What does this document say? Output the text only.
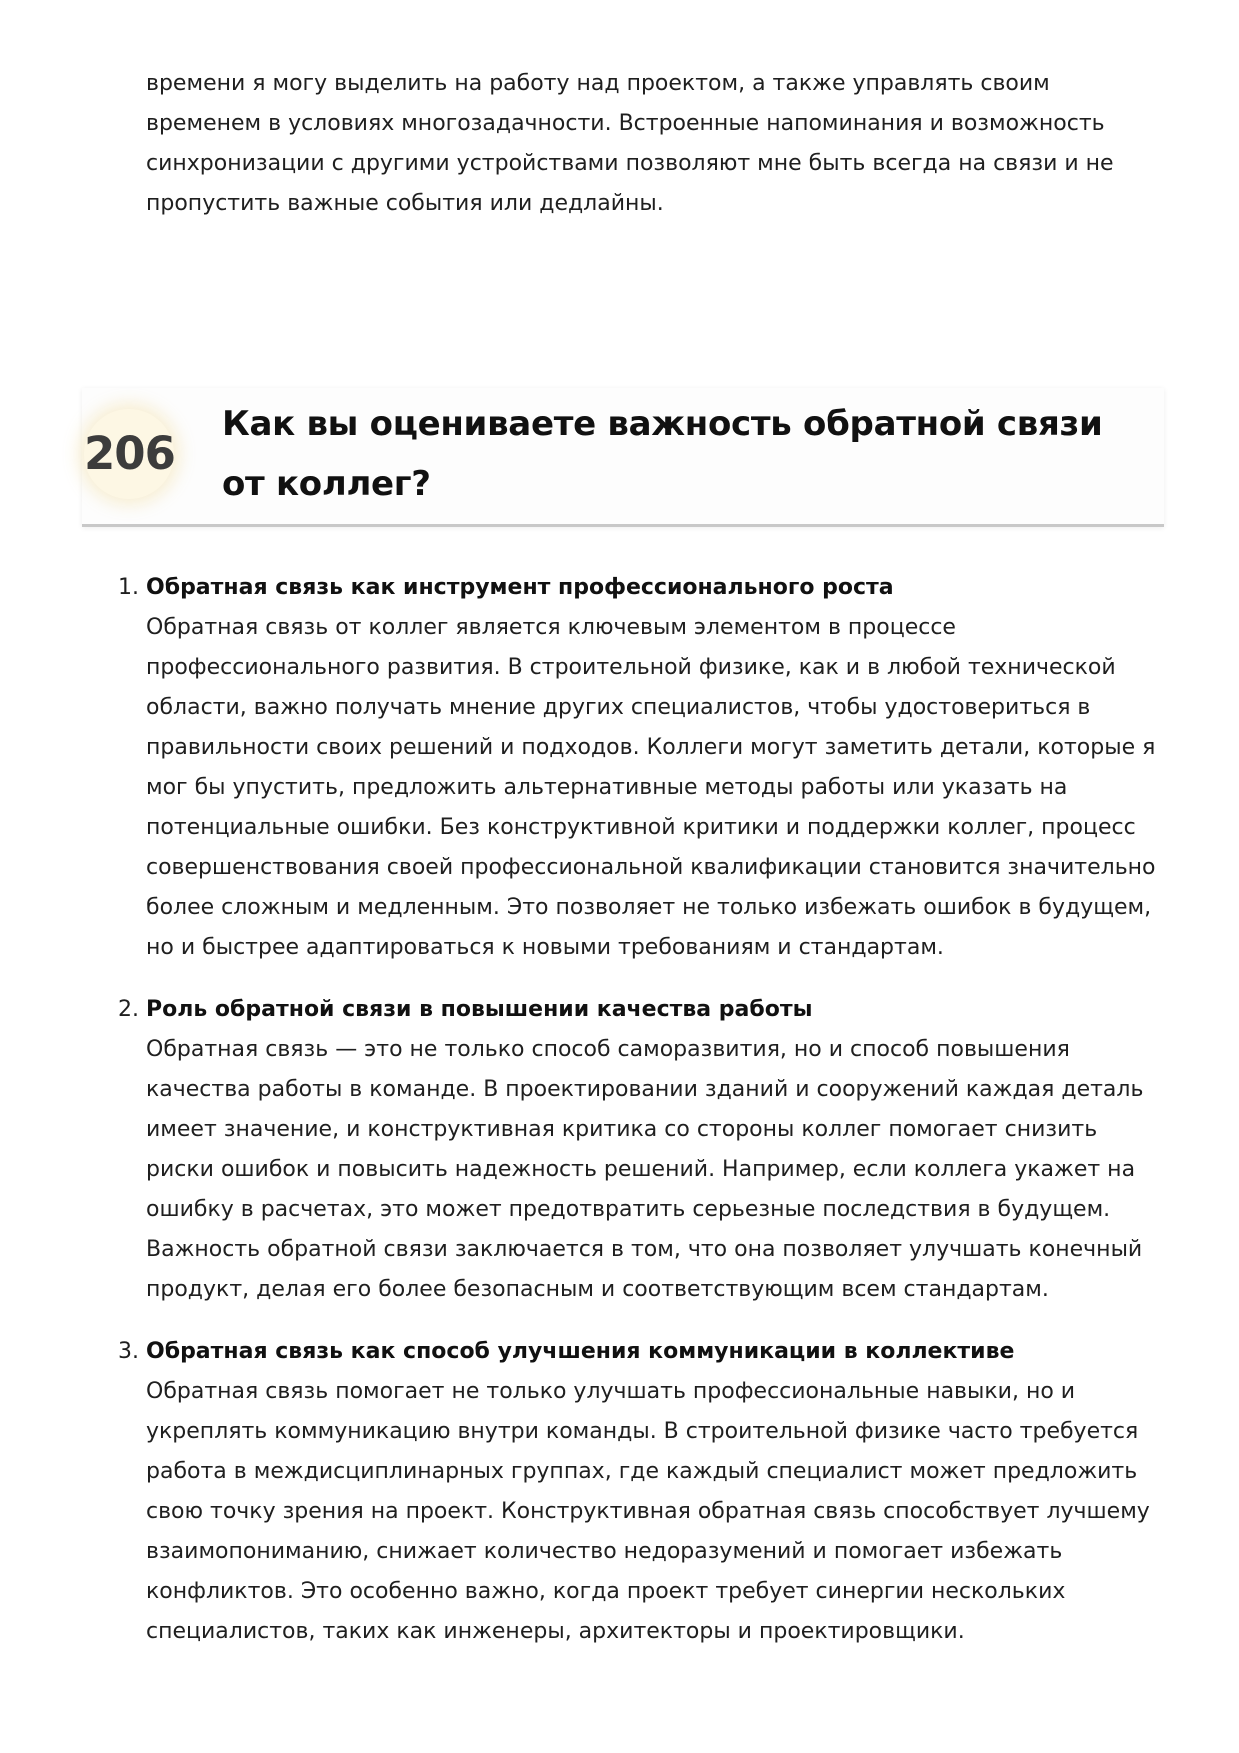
времени я могу выделить на работу над проектом, а также управлять своим временем в условиях многозадачности. Встроенные напоминания и возможность синхронизации с другими устройствами позволяют мне быть всегда на связи и не пропустить важные события или дедлайны.

206
Как вы оцениваете важность обратной связи от коллег?
1. Обратная связь как инструмент профессионального роста
Обратная связь от коллег является ключевым элементом в процессе профессионального развития. В строительной физике, как и в любой технической области, важно получать мнение других специалистов, чтобы удостовериться в правильности своих решений и подходов. Коллеги могут заметить детали, которые я мог бы упустить, предложить альтернативные методы работы или указать на потенциальные ошибки. Без конструктивной критики и поддержки коллег, процесс совершенствования своей профессиональной квалификации становится значительно более сложным и медленным. Это позволяет не только избежать ошибок в будущем, но и быстрее адаптироваться к новыми требованиям и стандартам.
2. Роль обратной связи в повышении качества работы
Обратная связь — это не только способ саморазвития, но и способ повышения качества работы в команде. В проектировании зданий и сооружений каждая деталь имеет значение, и конструктивная критика со стороны коллег помогает снизить риски ошибок и повысить надежность решений. Например, если коллега укажет на ошибку в расчетах, это может предотвратить серьезные последствия в будущем. Важность обратной связи заключается в том, что она позволяет улучшать конечный продукт, делая его более безопасным и соответствующим всем стандартам.
3. Обратная связь как способ улучшения коммуникации в коллективе
Обратная связь помогает не только улучшать профессиональные навыки, но и укреплять коммуникацию внутри команды. В строительной физике часто требуется работа в междисциплинарных группах, где каждый специалист может предложить свою точку зрения на проект. Конструктивная обратная связь способствует лучшему взаимопониманию, снижает количество недоразумений и помогает избежать конфликтов. Это особенно важно, когда проект требует синергии нескольких специалистов, таких как инженеры, архитекторы и проектировщики.
